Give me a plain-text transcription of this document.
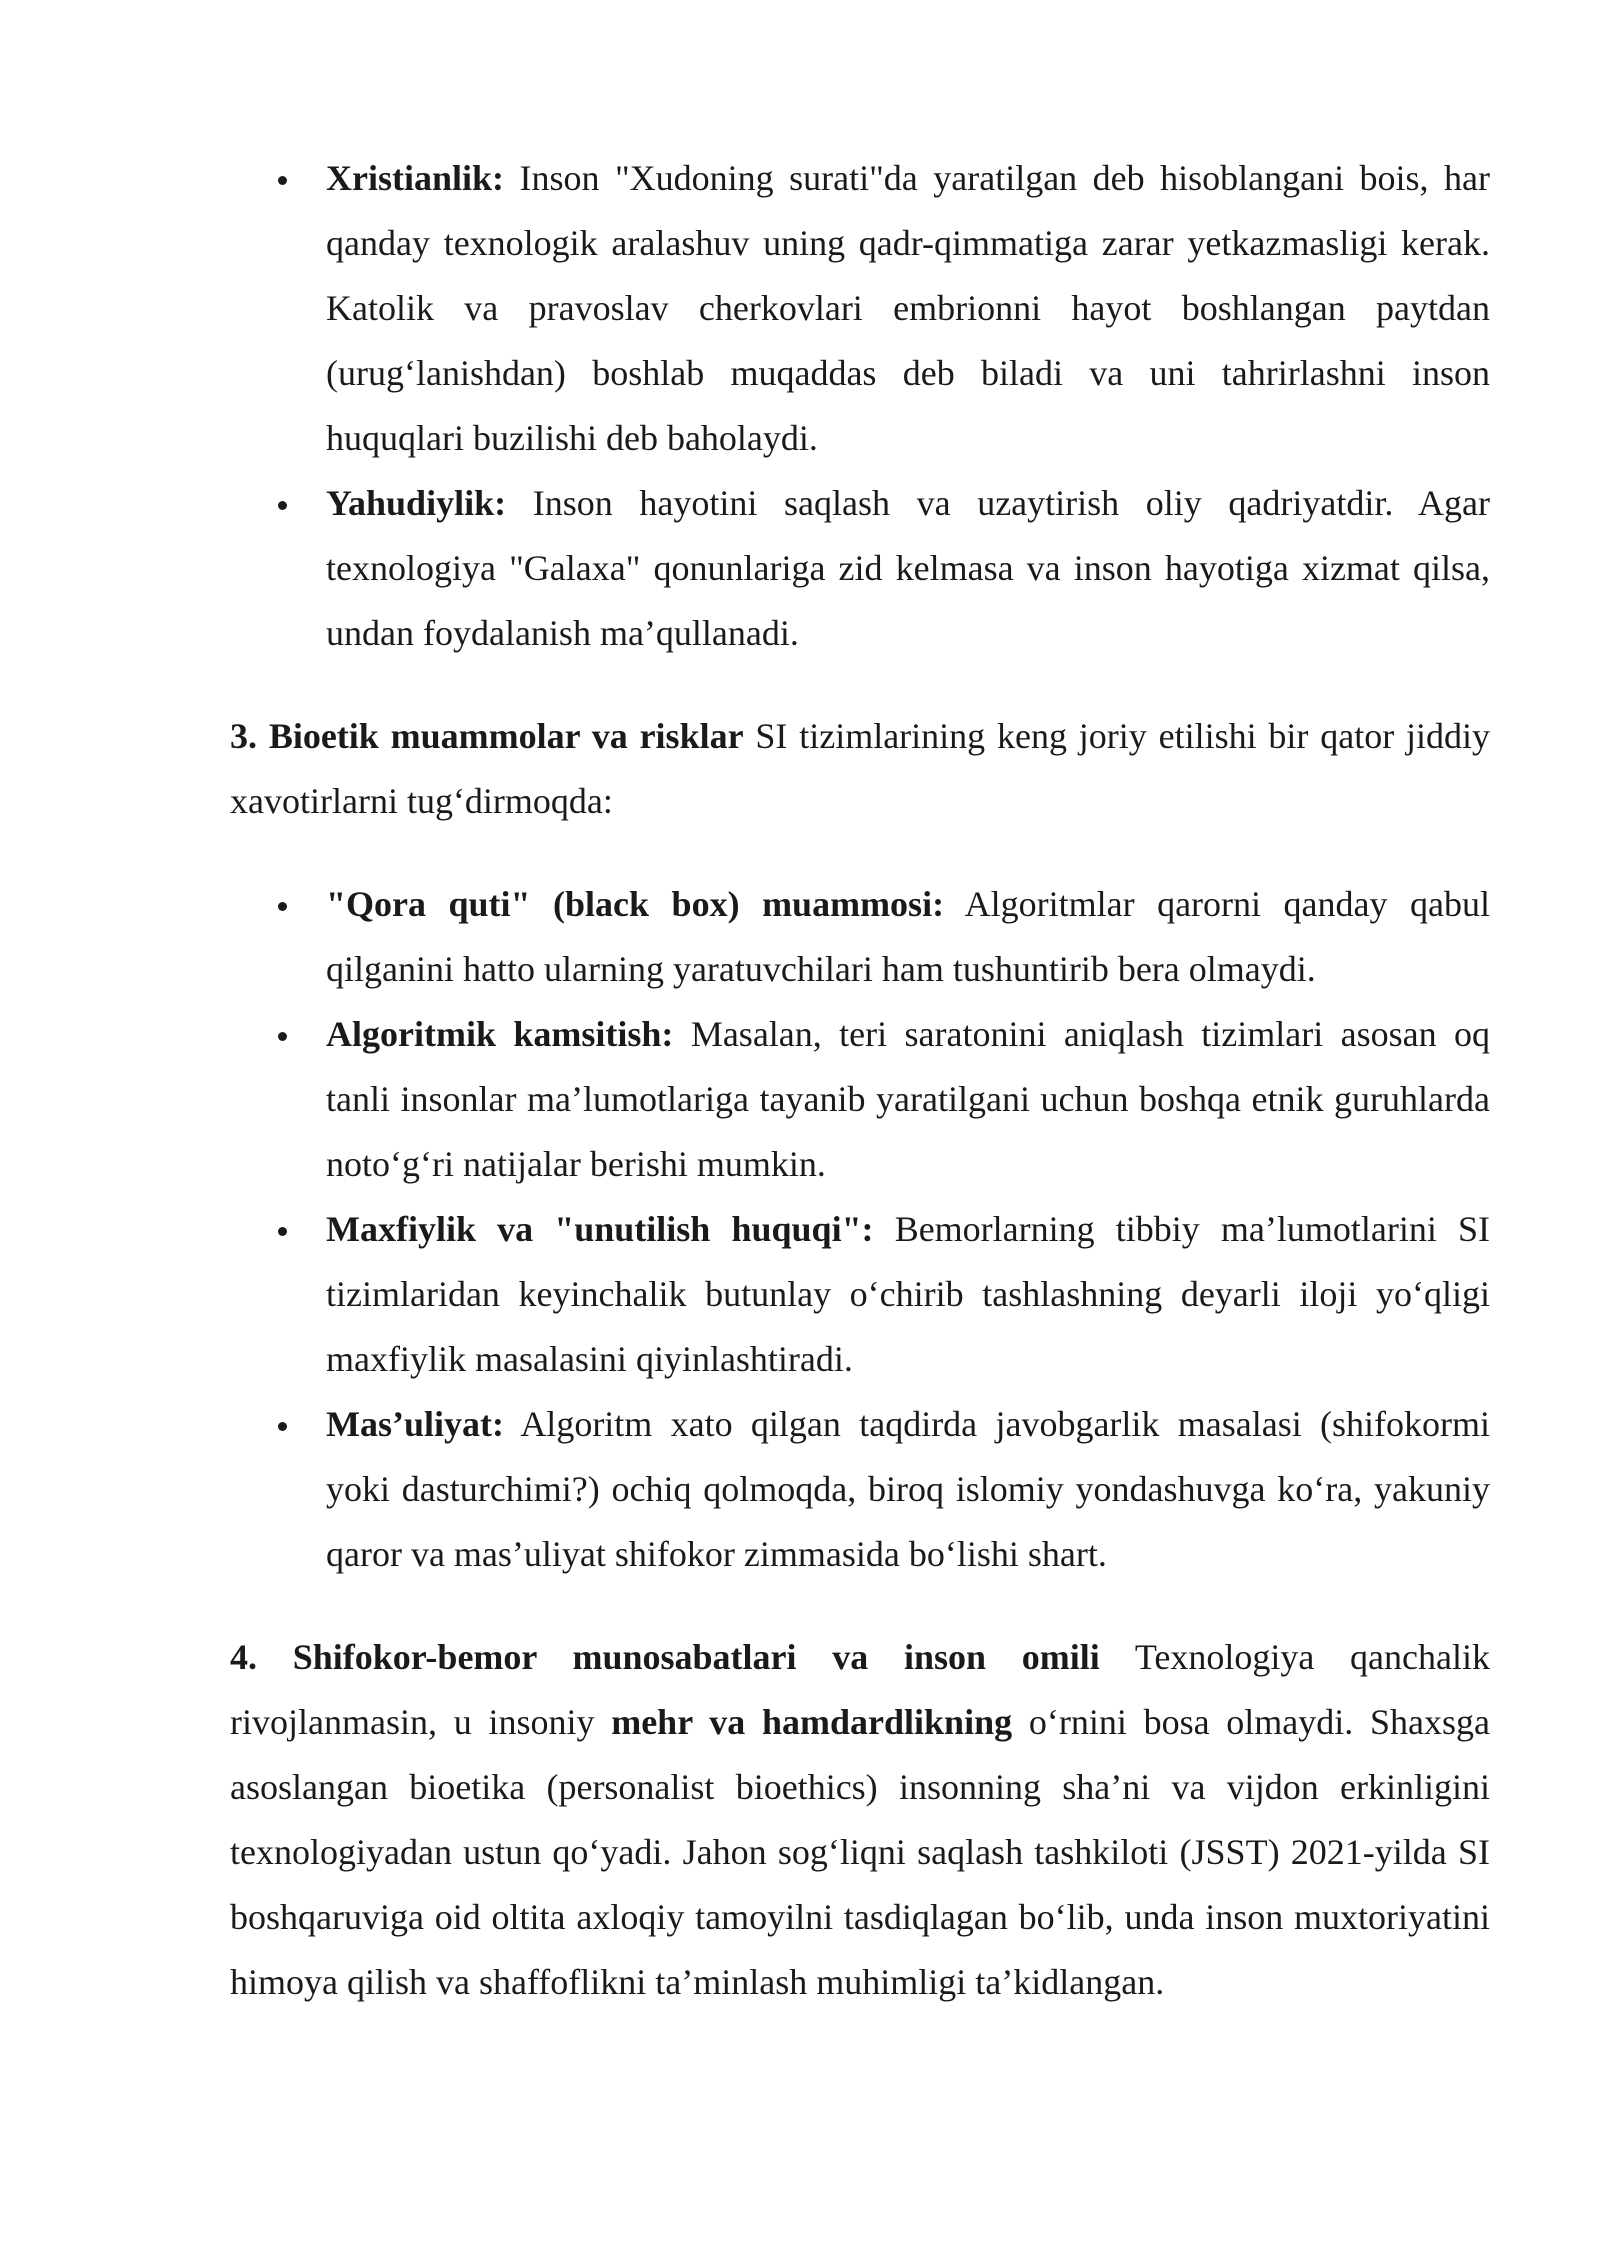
Xristianlik: Inson "Xudoning surati"da yaratilgan deb hisoblangani bois, har qanday texnologik aralashuv uning qadr-qimmatiga zarar yetkazmasligi kerak. Katolik va pravoslav cherkovlari embrionni hayot boshlangan paytdan (urug‘lanishdan) boshlab muqaddas deb biladi va uni tahrirlashni inson huquqlari buzilishi deb baholaydi.
Yahudiylik: Inson hayotini saqlash va uzaytirish oliy qadriyatdir. Agar texnologiya "Galaxa" qonunlariga zid kelmasa va inson hayotiga xizmat qilsa, undan foydalanish ma’qullanadi.

3. Bioetik muammolar va risklar SI tizimlarining keng joriy etilishi bir qator jiddiy xavotirlarni tug‘dirmoqda:

"Qora quti" (black box) muammosi: Algoritmlar qarorni qanday qabul qilganini hatto ularning yaratuvchilari ham tushuntirib bera olmaydi.
Algoritmik kamsitish: Masalan, teri saratonini aniqlash tizimlari asosan oq tanli insonlar ma’lumotlariga tayanib yaratilgani uchun boshqa etnik guruhlarda noto‘g‘ri natijalar berishi mumkin.
Maxfiylik va "unutilish huquqi": Bemorlarning tibbiy ma’lumotlarini SI tizimlaridan keyinchalik butunlay o‘chirib tashlashning deyarli iloji yo‘qligi maxfiylik masalasini qiyinlashtiradi.
Mas’uliyat: Algoritm xato qilgan taqdirda javobgarlik masalasi (shifokormi yoki dasturchimi?) ochiq qolmoqda, biroq islomiy yondashuvga ko‘ra, yakuniy qaror va mas’uliyat shifokor zimmasida bo‘lishi shart.

4. Shifokor-bemor munosabatlari va inson omili Texnologiya qanchalik rivojlanmasin, u insoniy mehr va hamdardlikning o‘rnini bosa olmaydi. Shaxsga asoslangan bioetika (personalist bioethics) insonning sha’ni va vijdon erkinligini texnologiyadan ustun qo‘yadi. Jahon sog‘liqni saqlash tashkiloti (JSST) 2021-yilda SI boshqaruviga oid oltita axloqiy tamoyilni tasdiqlagan bo‘lib, unda inson muxtoriyatini himoya qilish va shaffoflikni ta’minlash muhimligi ta’kidlangan.
